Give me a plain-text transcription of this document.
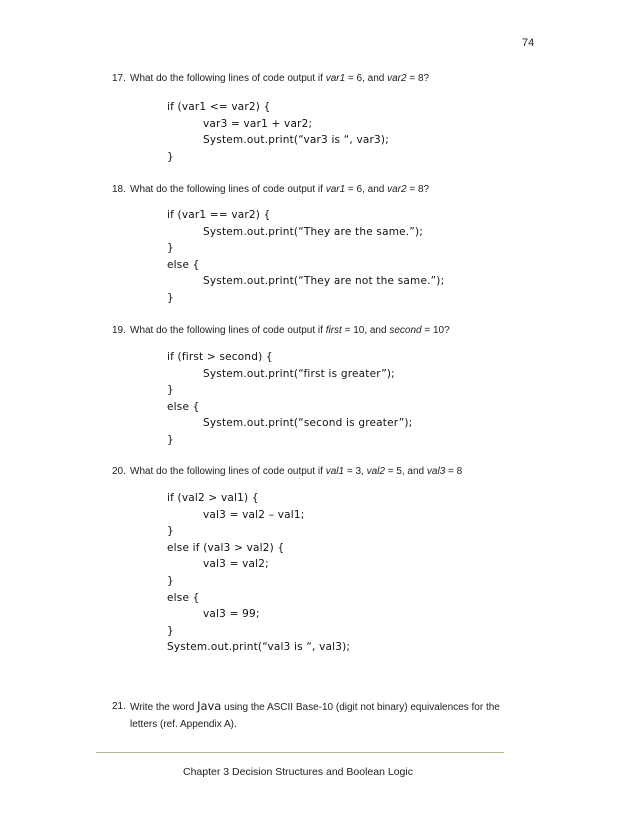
74
17. What do the following lines of code output if var1 = 6, and var2 = 8?
if (var1 <= var2) {
var3 = var1 + var2;
System.out.print(“var3 is “, var3);
}
18. What do the following lines of code output if var1 = 6, and var2 = 8?
if (var1 == var2) {
System.out.print(“They are the same.”);
}
else {
System.out.print(“They are not the same.”);
}
19. What do the following lines of code output if first = 10, and second = 10?
if (first > second) {
System.out.print(“first is greater”);
}
else {
System.out.print(“second is greater”);
}
20. What do the following lines of code output if val1 = 3, val2 = 5, and val3 = 8
if (val2 > val1) {
val3 = val2 – val1;
}
else if (val3 > val2) {
val3 = val2;
}
else {
val3 = 99;
}
System.out.print(“val3 is “, val3);
21. Write the word Java using the ASCII Base-10 (digit not binary) equivalences for the letters (ref. Appendix A).
Chapter 3 Decision Structures and Boolean Logic
